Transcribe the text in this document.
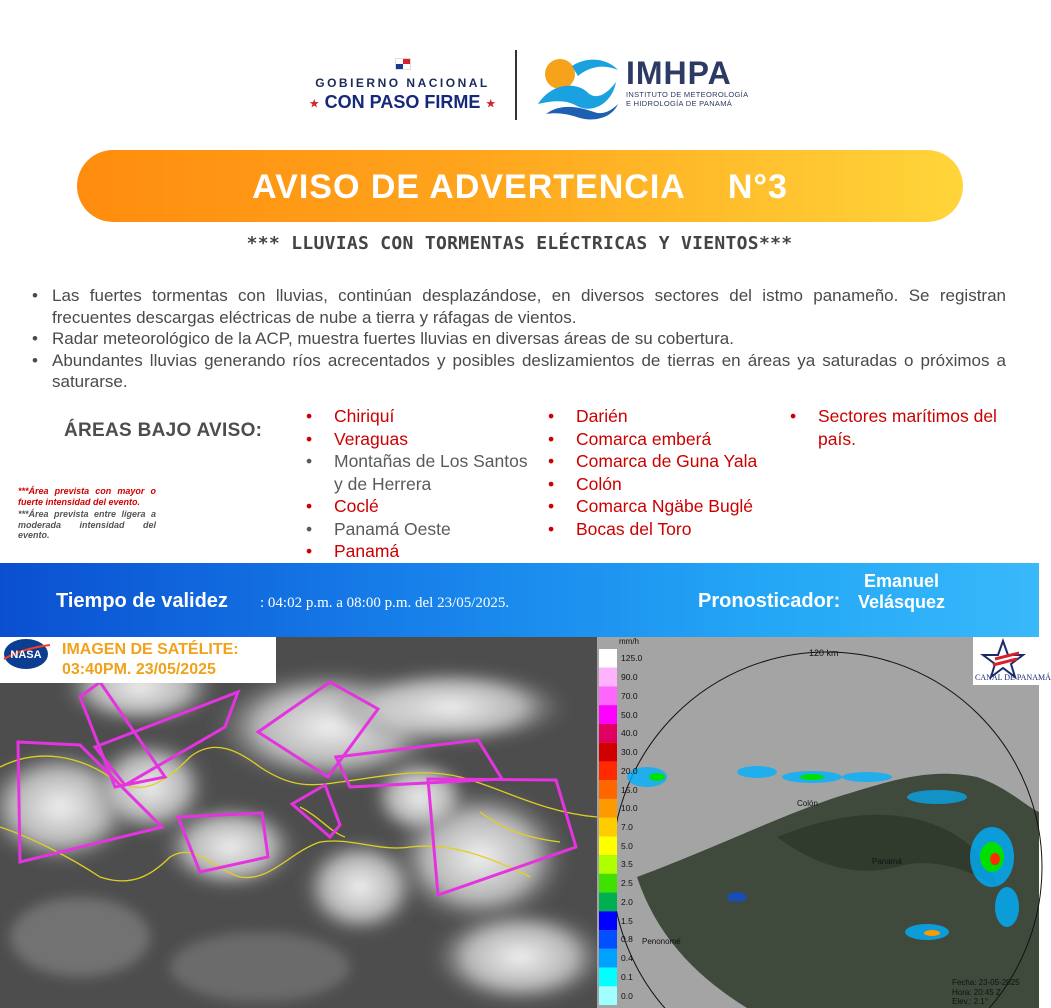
GOBIERNO NACIONAL
★ CON PASO FIRME ★
IMHPA
INSTITUTO DE METEOROLOGÍA
E HIDROLOGÍA DE PANAMÁ
AVISO DE ADVERTENCIA N°3
*** LLUVIAS CON TORMENTAS ELÉCTRICAS Y VIENTOS***
• Las fuertes tormentas con lluvias, continúan desplazándose, en diversos sectores del istmo panameño. Se registran frecuentes descargas eléctricas de nube a tierra y ráfagas de vientos.
• Radar meteorológico de la ACP, muestra fuertes lluvias en diversas áreas de su cobertura.
• Abundantes lluvias generando ríos acrecentados y posibles deslizamientos de tierras en áreas ya saturadas o próximos a saturarse.
ÁREAS BAJO AVISO:
***Área prevista con mayor o fuerte intensidad del evento.
***Área prevista entre ligera a moderada intensidad del evento.
• Chiriquí
• Veraguas
• Montañas de Los Santos y de Herrera
• Coclé
• Panamá Oeste
• Panamá
• Darién
• Comarca emberá
• Comarca de Guna Yala
• Colón
• Comarca Ngäbe Buglé
• Bocas del Toro
• Sectores marítimos del país.
Tiempo de validez : 04:02 p.m. a 08:00 p.m. del 23/05/2025.	Pronosticador:
Emanuel
Velásquez
NASA IMAGEN DE SATÉLITE:
03:40PM. 23/05/2025
mm/h
125.0
90.0
70.0
50.0
40.0
30.0
20.0
15.0
10.0
7.0
5.0
3.5
2.5
2.0
1.5
0.8
0.4
0.1
0.0
120 km
Colón
Panamá
Penonomé
CANAL DE PANAMÁ
Fecha: 23-05-2025
Hora: 20:45 Z
Elev.: 2.1°
